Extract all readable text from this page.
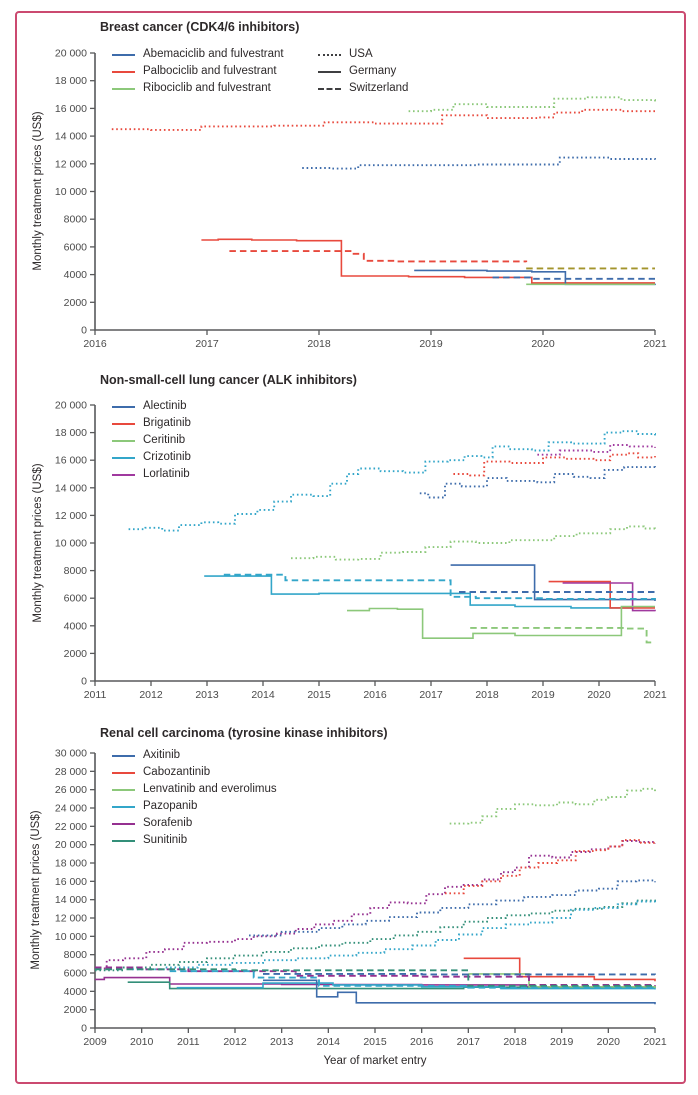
0
2000
4000
6000
8000
10 000
12 000
14 000
16 000
18 000
20 000
2016	2017	2018	2019	2020	2021
0
2000
4000
6000
8000
10 000
12 000
14 000
16 000
18 000
20 000
2011	2012	2013	2014	2015	2016	2017	2018	2019	2020	2021
0
2000
4000
6000
8000
10 000
12 000
14 000
16 000
18 000
20 000
22 000
24 000
26 000
28 000
30 000
2009 2010 2011 2012 2013 2014 2015 2016 2017 2018 2019 2020 2021
Breast cancer (CDK4/6 inhibitors)
Non-small-cell lung cancer (ALK inhibitors)
Renal cell carcinoma (tyrosine kinase inhibitors)
Monthly treatment prices (US$)
Monthly treatment prices (US$)
Monthly treatment prices (US$)
Year of market entry
Abemaciclib and fulvestrant
Palbociclib and fulvestrant
Ribociclib and fulvestrant
USA
Germany
Switzerland
Alectinib
Brigatinib
Ceritinib
Crizotinib
Lorlatinib
Axitinib
Cabozantinib
Lenvatinib and everolimus
Pazopanib
Sorafenib
Sunitinib
